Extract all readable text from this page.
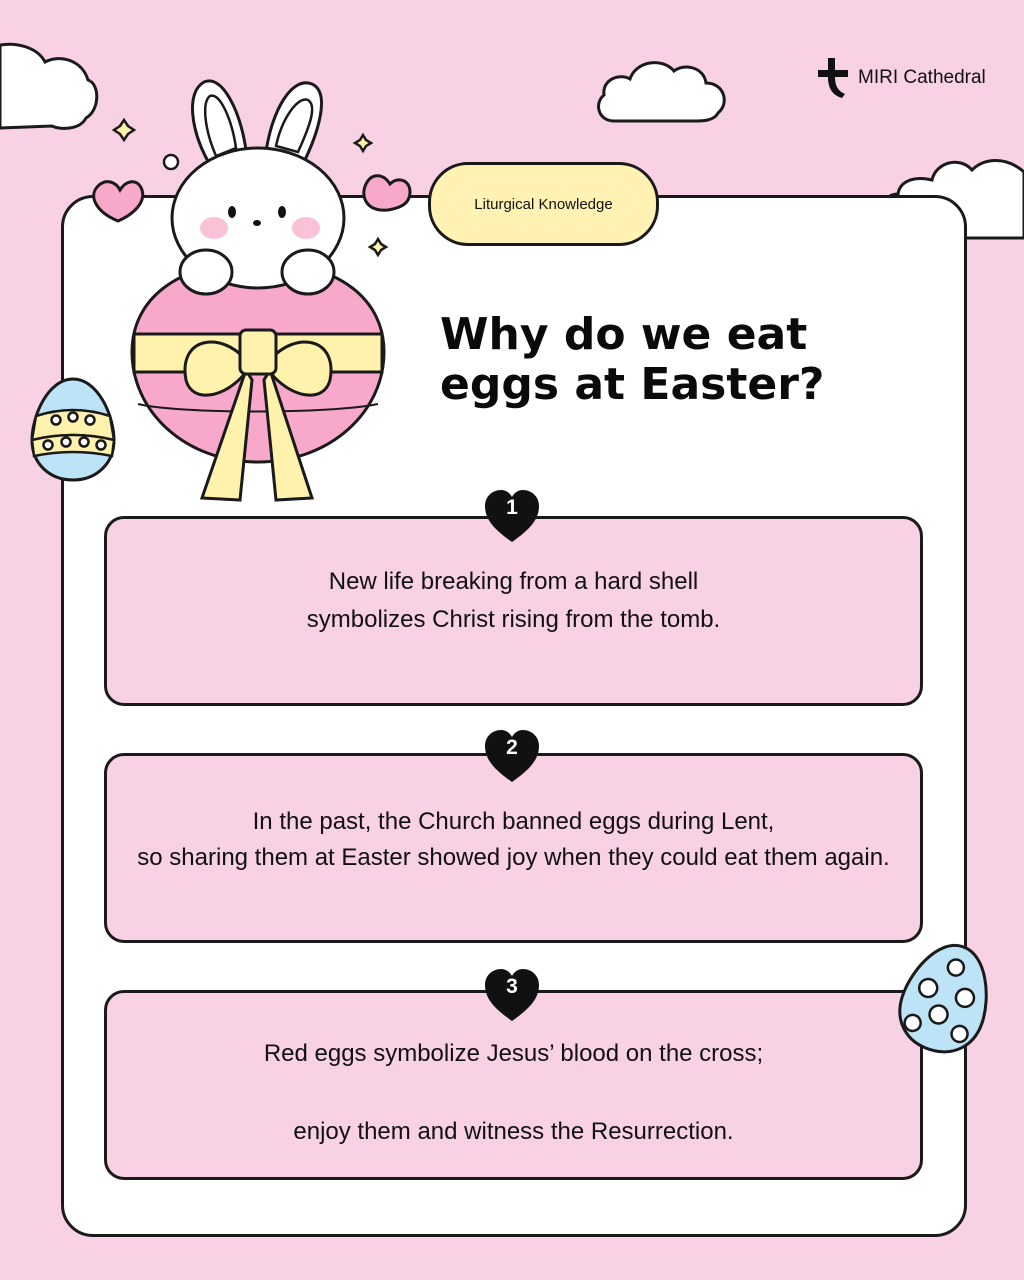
MIRI Cathedral
Liturgical Knowledge
Why do we eat eggs at Easter?
New life breaking from a hard shell
symbolizes Christ rising from the tomb.
1
In the past, the Church banned eggs during Lent,
so sharing them at Easter showed joy when they could eat them again.
2
Red eggs symbolize Jesus’ blood on the cross;
enjoy them and witness the Resurrection.
3
